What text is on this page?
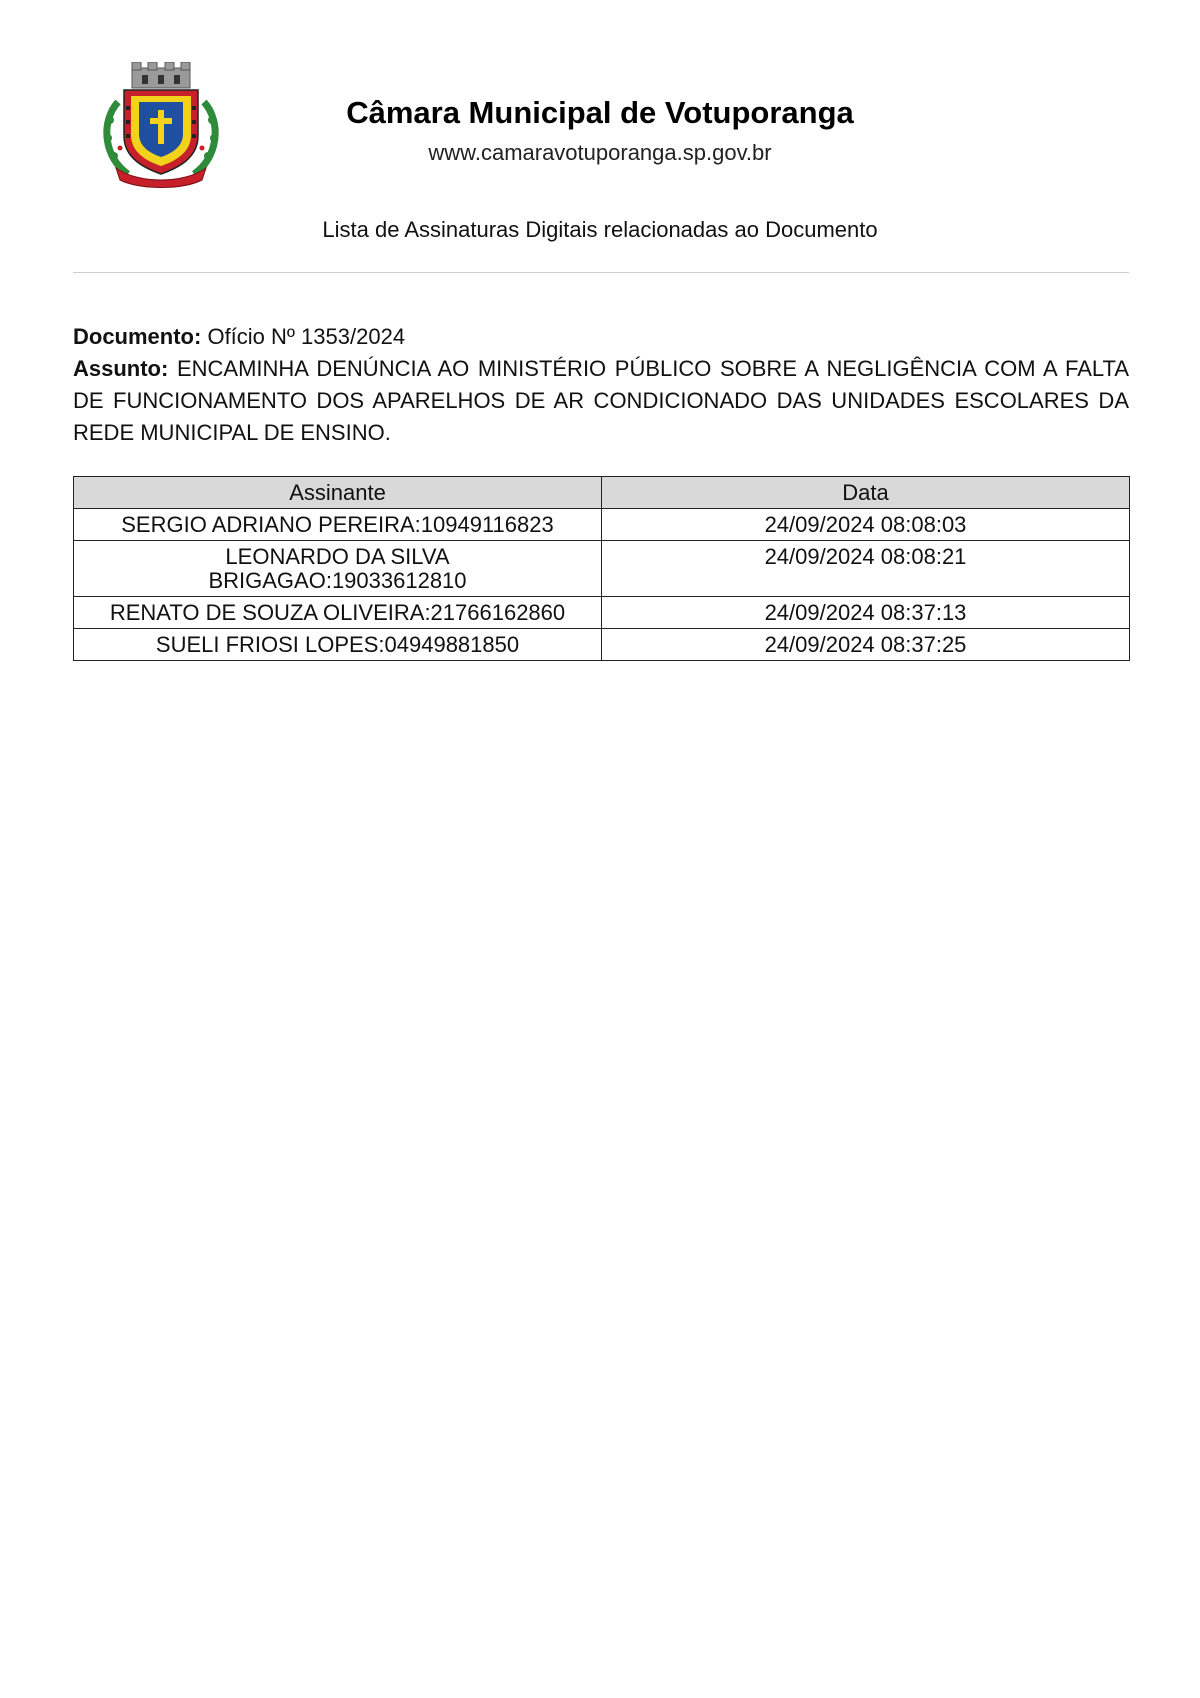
Câmara Municipal de Votuporanga
www.camaravotuporanga.sp.gov.br
Lista de Assinaturas Digitais relacionadas ao Documento
Documento: Ofício Nº 1353/2024
Assunto: ENCAMINHA DENÚNCIA AO MINISTÉRIO PÚBLICO SOBRE A NEGLIGÊNCIA COM A FALTA DE FUNCIONAMENTO DOS APARELHOS DE AR CONDICIONADO DAS UNIDADES ESCOLARES DA REDE MUNICIPAL DE ENSINO.
Assinante	Data
SERGIO ADRIANO PEREIRA:10949116823	24/09/2024 08:08:03
LEONARDO DA SILVA BRIGAGAO:19033612810	24/09/2024 08:08:21
RENATO DE SOUZA OLIVEIRA:21766162860	24/09/2024 08:37:13
SUELI FRIOSI LOPES:04949881850	24/09/2024 08:37:25
